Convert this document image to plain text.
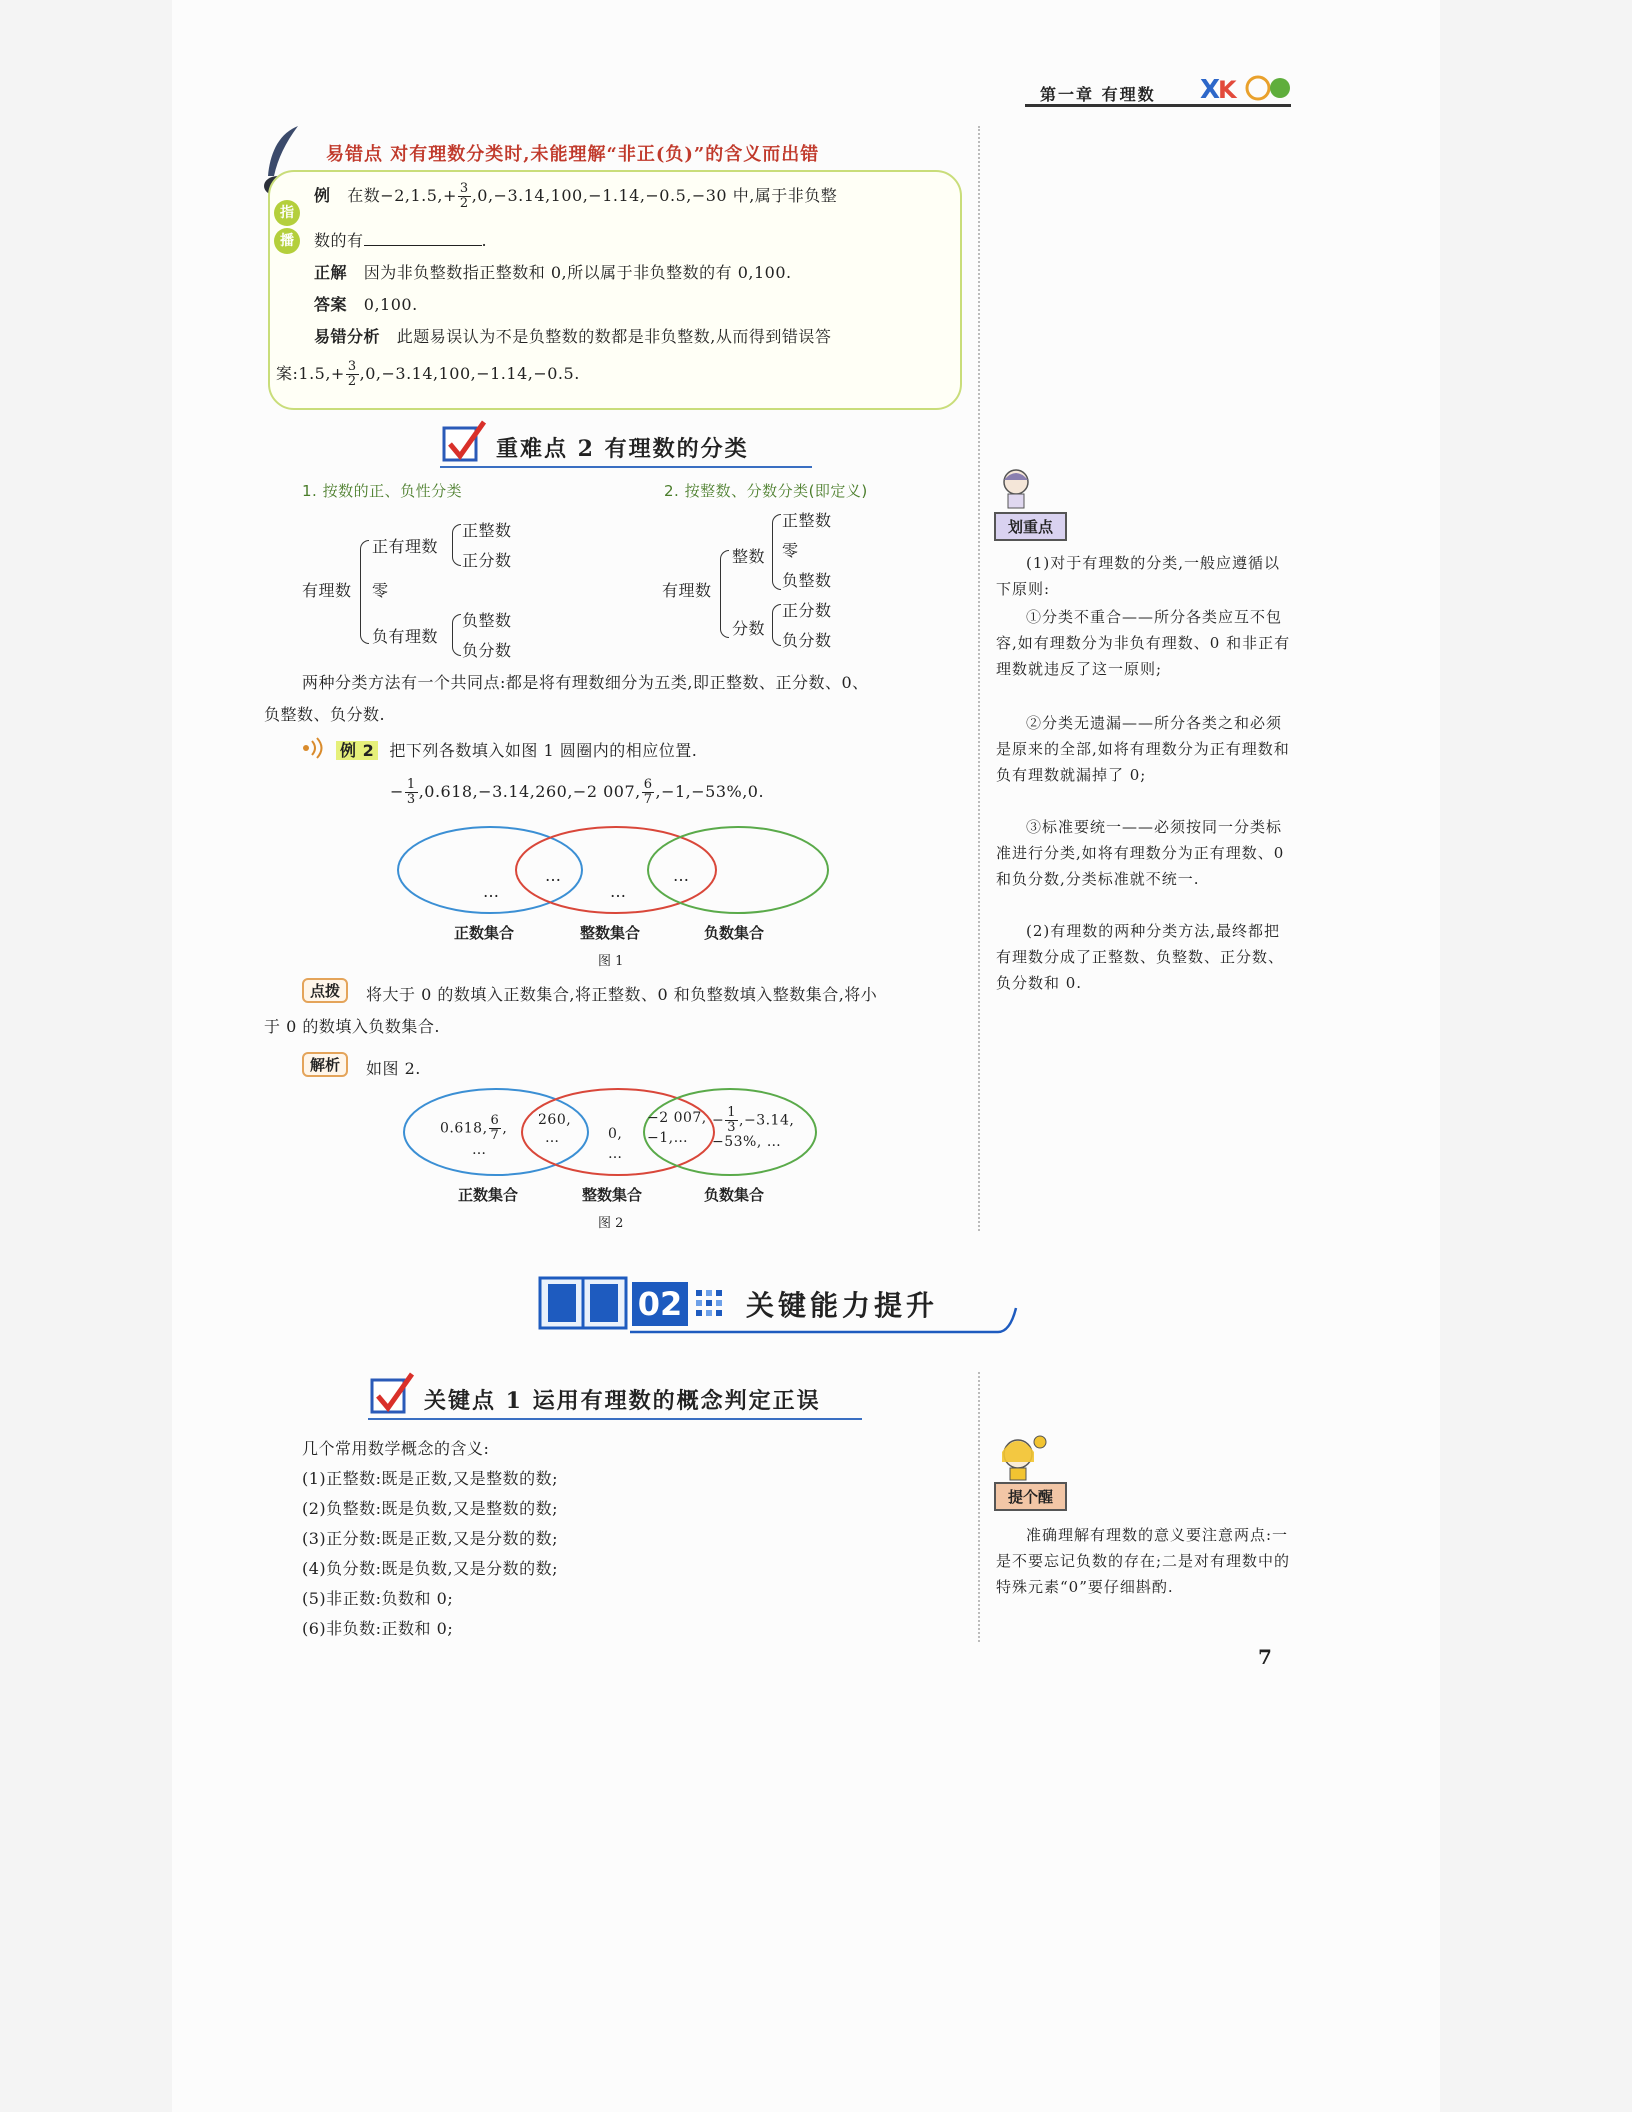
第一章 有理数 X
K
易错点 对有理数分类时,未能理解“非正(负)”的含义而出错
指
播
例 在数$-2,1.5,+ \frac{3}{2} ,0,-3.14,100,-1.14,-0.5,-30$ 中,属于非负整
数的有	.
正解 因为非负整数指正整数和 0,所以属于非负整数的有 0,100.
答案 0,100.
易错分析 此题易误认为不是负整数的数都是非负整数,从而得到错误答
案:1.5,+ $\frac{3}{2} ,0,-3.14,100,-1.14,-0.5$.
重难点 2 有理数的分类
1. 按数的正、负性分类	2. 按整数、分数分类(即定义)
有理数
正有理数
零
负有理数
正整数
正分数
负整数
负分数
有理数
整数
分数
正整数
零
负整数
正分数
负分数
两种分类方法有一个共同点:都是将有理数细分为五类,即正整数、正分数、0、
负整数、负分数.
例 2 把下列各数填入如图 1 圆圈内的相应位置.
− $\frac{1}{3} ,0.618,-3.14,260,-2$ 007, $\frac{6}{7} ,-1,-53\%,0$.
…
…
…
…
正数集合	整数集合	负数集合
图 1
点拨	将大于 0 的数填入正数集合,将正整数、0 和负整数填入整数集合,将小
于 0 的数填入负数集合.
解析	如图 2.
0.618, $\frac{6}{7}$ ,
…
260,
…	0,
…
−2 007,
−1,…
− $\frac{1}{3} ,-3.14$,
−53%, …
正数集合	整数集合	负数集合
图 2
02 关键能力提升
关键点 1 运用有理数的概念判定正误
几个常用数学概念的含义:
(1)正整数:既是正数,又是整数的数;
(2)负整数:既是负数,又是整数的数;
(3)正分数:既是正数,又是分数的数;
(4)负分数:既是负数,又是分数的数;
(5)非正数:负数和 0;
(6)非负数:正数和 0;
划重点
(1)对于有理数的分类,一般应遵循以下原则:
①分类不重合——所分各类应互不包容,如有理数分为非负有理数、0 和非正有理数就违反了这一原则;
②分类无遗漏——所分各类之和必须是原来的全部,如将有理数分为正有理数和负有理数就漏掉了 0;
③标准要统一——必须按同一分类标准进行分类,如将有理数分为正有理数、0 和负分数,分类标准就不统一.
(2)有理数的两种分类方法,最终都把有理数分成了正整数、负整数、正分数、负分数和 0.
提个醒
准确理解有理数的意义要注意两点:一是不要忘记负数的存在;二是对有理数中的特殊元素“0”要仔细斟酌.
7
